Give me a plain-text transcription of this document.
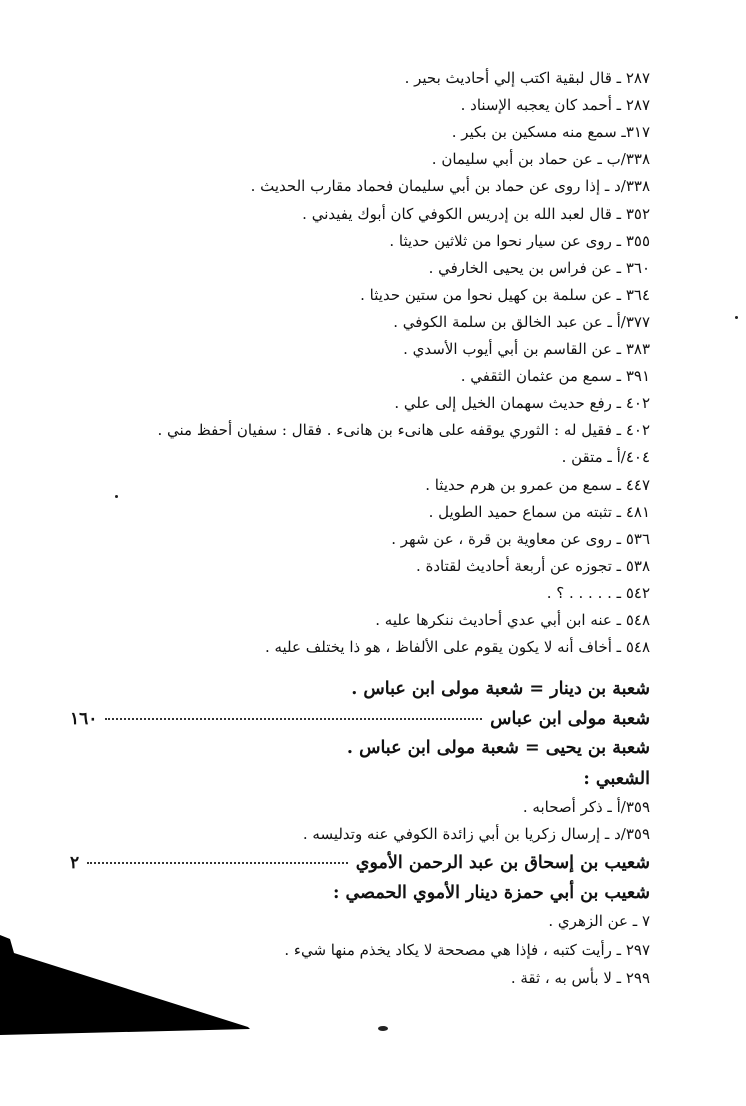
٢٨٧ ـ قال لبقية اكتب إلي أحاديث بحير .
٢٨٧ ـ أحمد كان يعجبه الإسناد .
٣١٧ـ سمع منه مسكين بن بكير .
٣٣٨/ب ـ عن حماد بن أبي سليمان .
٣٣٨/د ـ إذا روى عن حماد بن أبي سليمان فحماد مقارب الحديث .
٣٥٢ ـ قال لعبد الله بن إدريس الكوفي كان أبوك يفيدني .
٣٥٥ ـ روى عن سيار نحوا من ثلاثين حديثا .
٣٦٠ ـ عن فراس بن يحيى الخارفي .
٣٦٤ ـ عن سلمة بن كهيل نحوا من ستين حديثا .
٣٧٧/أ ـ عن عبد الخالق بن سلمة الكوفي .
٣٨٣ ـ عن القاسم بن أبي أيوب الأسدي .
٣٩١ ـ سمع من عثمان الثقفي .
٤٠٢ ـ رفع حديث سهمان الخيل إلى علي .
٤٠٢ ـ فقيل له : الثوري يوقفه على هانىء بن هانىء . فقال : سفيان أحفظ مني .
٤٠٤/أ ـ متقن .
٤٤٧ ـ سمع من عمرو بن هرم حديثا .
٤٨١ ـ تثبته من سماع حميد الطويل .
٥٣٦ ـ روى عن معاوية بن قرة ، عن شهر .
٥٣٨ ـ تجوزه عن أربعة أحاديث لقتادة .
٥٤٢ ـ . . . . . ؟ .
٥٤٨ ـ عنه ابن أبي عدي أحاديث ننكرها عليه .
٥٤٨ ـ أخاف أنه لا يكون يقوم على الألفاظ ، هو ذا يختلف عليه .
شعبة بن دينار = شعبة مولى ابن عباس .
شعبة مولى ابن عباس
١٦٠
شعبة بن يحيى = شعبة مولى ابن عباس .
الشعبي :
٣٥٩/أ ـ ذكر أصحابه .
٣٥٩/د ـ إرسال زكريا بن أبي زائدة الكوفي عنه وتدليسه .
شعيب بن إسحاق بن عبد الرحمن الأموي
٢
شعيب بن أبي حمزة دينار الأموي الحمصي :
٧ ـ عن الزهري .
٢٩٧ ـ رأيت كتبه ، فإذا هي مصححة لا يكاد يخذم منها شيء .
٢٩٩ ـ لا بأس به ، ثقة .
